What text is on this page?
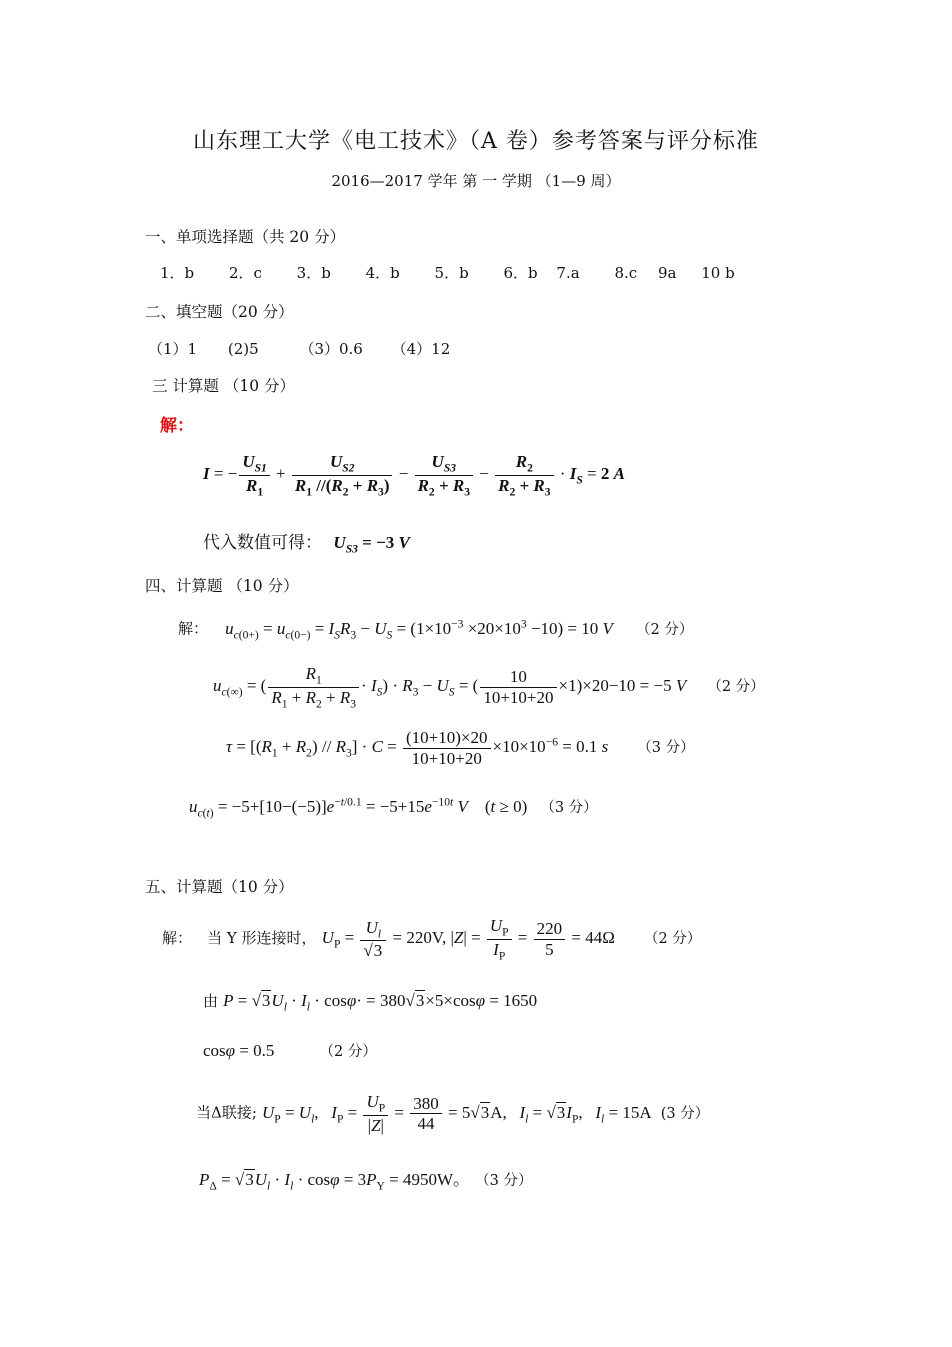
山东理工大学《电工技术》（A 卷）参考答案与评分标准
2016—2017 学年 第 一 学期 （1—9 周）
一、单项选择题（共 20 分）
1．b 2．c 3．b 4．b 5．b 6．b 7.a 8.c 9a 10 b
二、填空题（20 分）
（1）1 (2)5	（3）0.6 （4）12
三 计算题 （10 分）
解：
I = − $\frac{U_{S1}}{R_1} + \frac{U_{S2}}{R_1 //(R_2 + R_3)} - \frac{U_{S3}}{R_2 + R_3} - \frac{R_2}{R_2 + R_3} \cdot I_S = 2$ A
代入数值可得： $U_{S3} = -3$ V
四、计算题 （10 分）
解： $u_{c(0+)} = u_{c(0-)} = I_SR_3 - U_S = (1\times 10^{-3} \times 20\times 10^3 -10) = 10$ V （2 分）
$u_{c(\infty)}$ = ( $\frac{R_1}{R_1 + R_2 + R_3} \cdot I_S) \cdot R_3 - U_S$ = ( $\frac{10}{10+10+20} \times 1)\times 20-10 = -5$ V （2 分）
$\tau = [(R_1 + R_2) // R_3] \cdot C = \frac{(10+10)\times 20}{10+10+20} \times 10\times 10^{-6} = 0.1$ s （3 分）
$u_{c(t)} = -5+[10-(-5)]e^{-t/0.1} = -5+15e^{-10t}$ V    (t ≥ 0) （3 分）
五、计算题（10 分）
解： 当 Y 形连接时， $U_P = \frac{U_l}{√3} = 220V$, $|Z| = \frac{U_P}{I_P} = \frac{220}{5} = 44\Omega$ （2 分）
由 $P = √3U_l \cdot I_l \cdot \cos\varphi\cdot = 380√3\times 5\times\cos\varphi = 1650$
cosφ = 0.5	（2 分）
当Δ联接; $U_P = U_l$,   $I_P = \frac{U_P}{|Z|} = \frac{380}{44} = 5√3A$,   $I_l = √3I_P$,   $I_l = 15A$ (3 分）
$P_\Delta = √3U_l \cdot I_l \cdot \cos\varphi = 3P_Y = 4950W$。 （3 分）
